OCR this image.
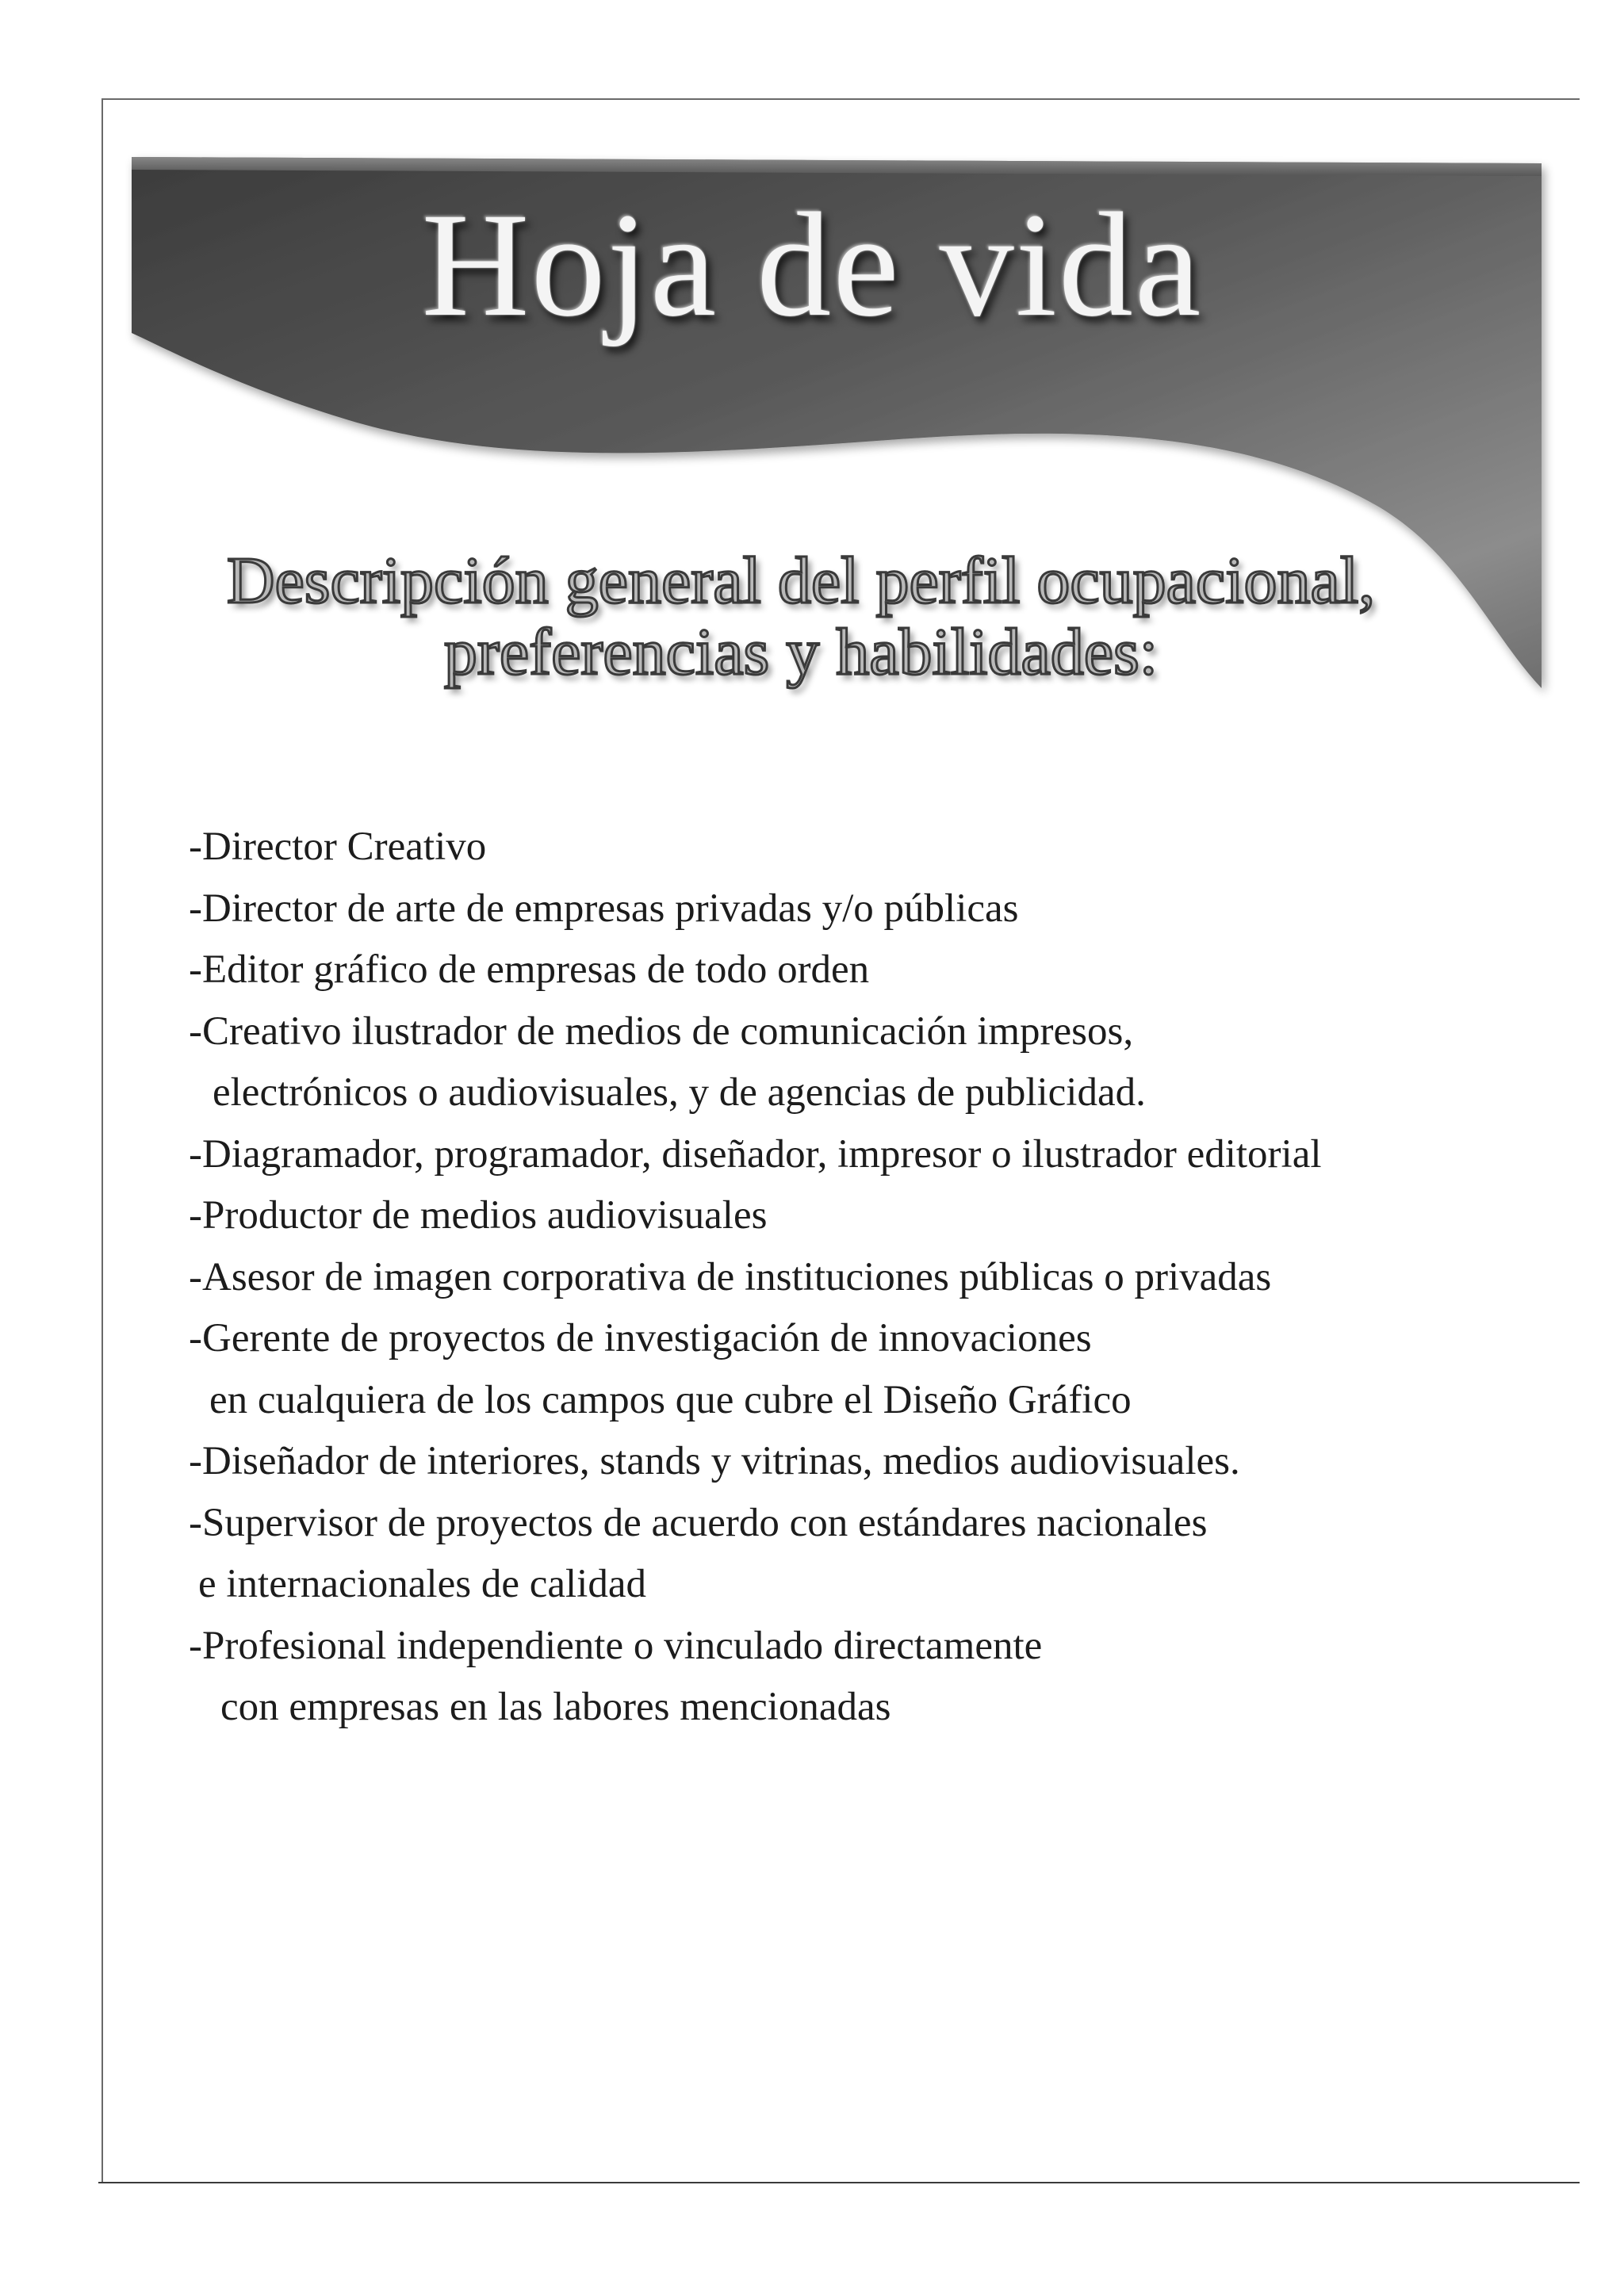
Hoja de vida
Descripción general del perfil ocupacional,
preferencias y habilidades:
-Director Creativo
-Director de arte de empresas privadas y/o públicas
-Editor gráfico de empresas de todo orden
-Creativo ilustrador de medios de comunicación impresos,
electrónicos o audiovisuales, y de agencias de publicidad.
-Diagramador, programador, diseñador, impresor o ilustrador editorial
-Productor de medios audiovisuales
-Asesor de imagen corporativa de instituciones públicas o privadas
-Gerente de proyectos de investigación de innovaciones
en cualquiera de los campos que cubre el Diseño Gráfico
-Diseñador de interiores, stands y vitrinas, medios audiovisuales.
-Supervisor de proyectos de acuerdo con estándares nacionales
e internacionales de calidad
-Profesional independiente o vinculado directamente
con empresas en las labores mencionadas
